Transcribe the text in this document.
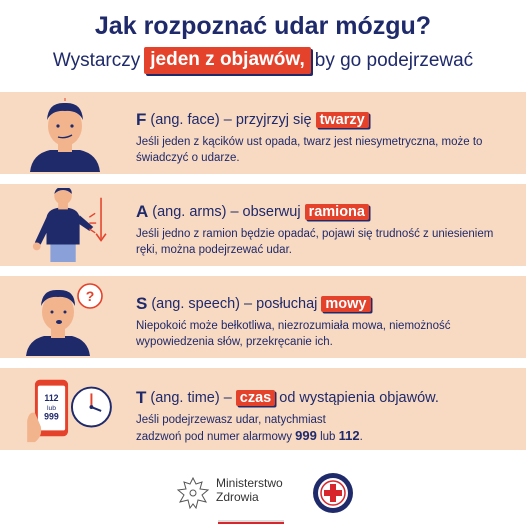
Jak rozpoznać udar mózgu?
Wystarczy jeden z objawów, by go podejrzewać
F (ang. face) – przyjrzyj się twarzy
Jeśli jeden z kącików ust opada, twarz jest niesymetryczna, może to świadczyć o udarze.
A (ang. arms) – obserwuj ramiona
Jeśli jedno z ramion będzie opadać, pojawi się trudność z uniesieniem ręki, można podejrzewać udar.
? S (ang. speech) – posłuchaj mowy
Niepokoić może bełkotliwa, niezrozumiała mowa, niemożność wypowiedzenia słów, przekręcanie ich.
112
lub
999
T (ang. time) – czas od wystąpienia objawów.
Jeśli podejrzewasz udar, natychmiast
zadzwoń pod numer alarmowy 999 lub 112.
Ministerstwo
Zdrowia
